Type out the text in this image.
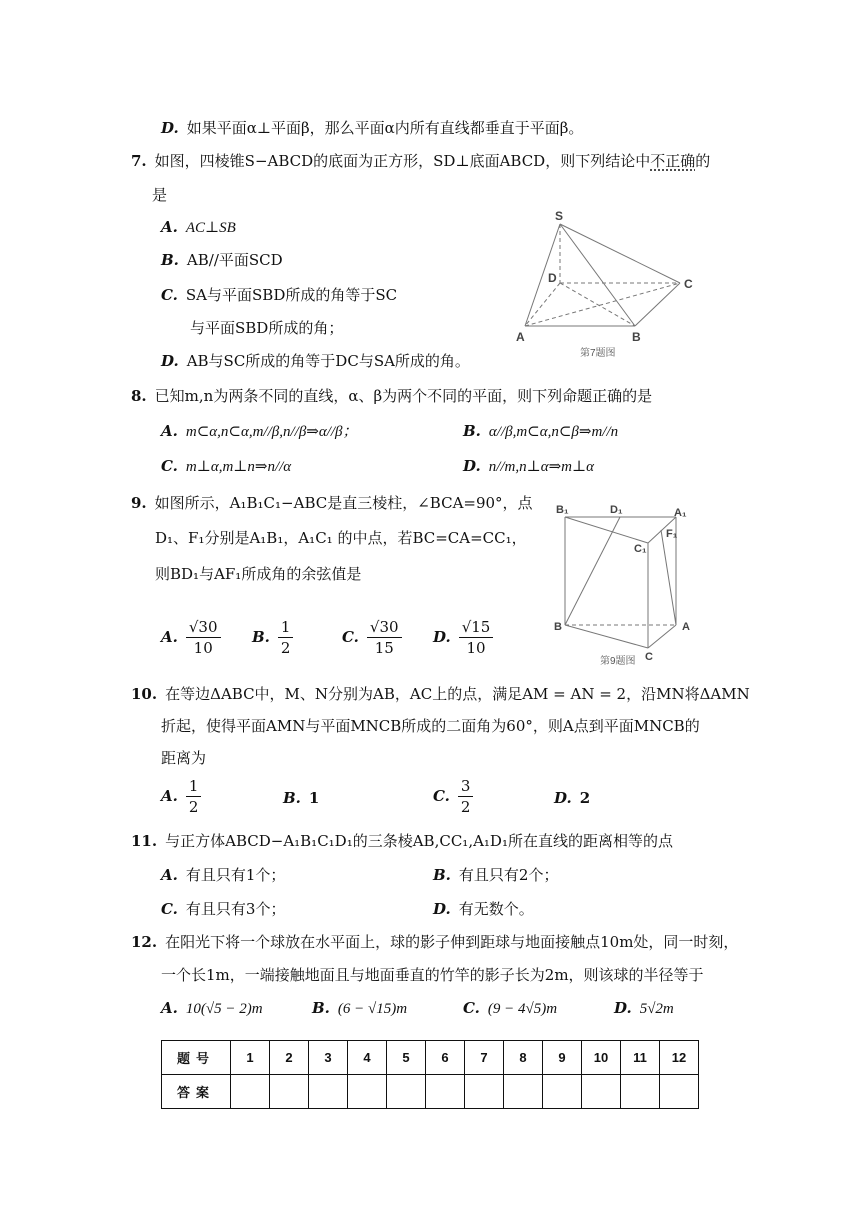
D. 如果平面α⊥平面β，那么平面α内所有直线都垂直于平面β。
7. 如图，四棱锥S−ABCD的底面为正方形，SD⊥底面ABCD，则下列结论中不正确的
是
A. AC⊥SB
B. AB//平面SCD
C. SA与平面SBD所成的角等于SC
与平面SBD所成的角；
D. AB与SC所成的角等于DC与SA所成的角。
S
D	C
A	B
第7题图
8. 已知m,n为两条不同的直线，α、β为两个不同的平面，则下列命题正确的是
A. m⊂α,n⊂α,m//β,n//β⇒α//β；	B. α//β,m⊂α,n⊂β⇒m//n
C. m⊥α,m⊥n⇒n//α	D. n//m,n⊥α⇒m⊥α
9. 如图所示，A₁B₁C₁−ABC是直三棱柱，∠BCA=90°，点
D₁、F₁分别是A₁B₁，A₁C₁ 的中点，若BC=CA=CC₁，
则BD₁与AF₁所成角的余弦值是
A. $\frac{√30}{10} B$. $\frac{1}{2}$	C. $\frac{√30}{15} D$. $\frac{√15}{10}$
B₁	D₁	A₁
C₁
F₁
B	A
C
第9题图
10. 在等边ΔABC中，M、N分别为AB，AC上的点，满足AM = AN = 2，沿MN将ΔAMN
折起，使得平面AMN与平面MNCB所成的二面角为60°，则A点到平面MNCB的
距离为
A. $\frac{1}{2}$	B. 1	C. $\frac{3}{2}$	D. 2
11. 与正方体ABCD−A₁B₁C₁D₁的三条棱AB,CC₁,A₁D₁所在直线的距离相等的点
A. 有且只有1个；	B. 有且只有2个；
C. 有且只有3个；	D. 有无数个。
12. 在阳光下将一个球放在水平面上，球的影子伸到距球与地面接触点10m处，同一时刻，
一个长1m，一端接触地面且与地面垂直的竹竿的影子长为2m，则该球的半径等于
A. 10(√5 − 2)m	B. (6 − √15)m	C. (9 − 4√5)m	D. 5√2m
题号	1	2	3	4	5	6	7	8	9	10	11	12
答案												
